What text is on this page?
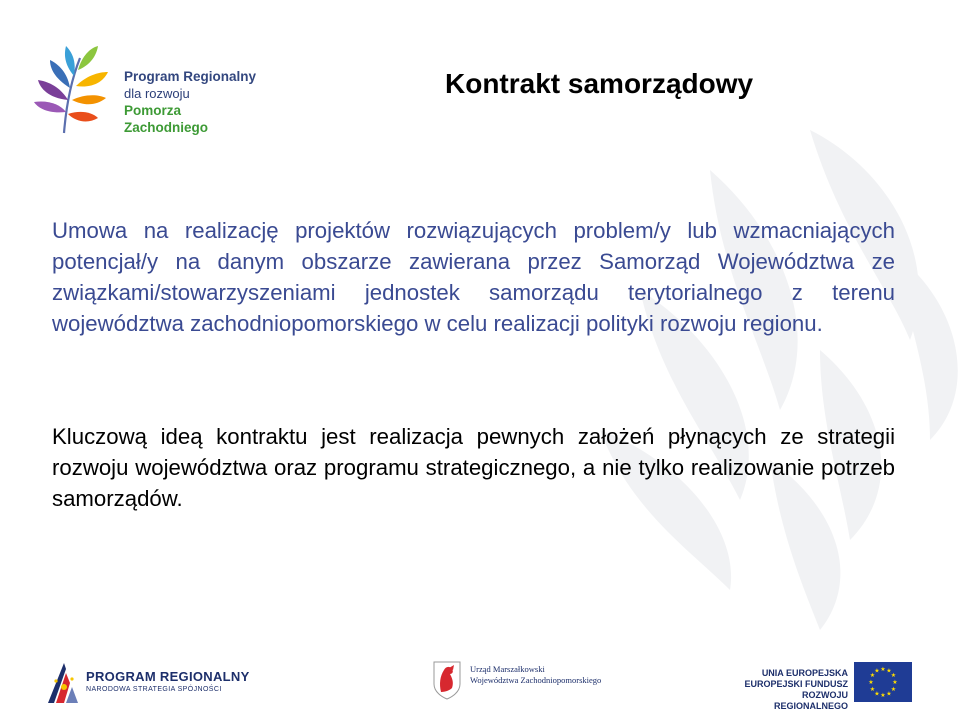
Program Regionalny
dla rozwoju
Pomorza Zachodniego
Kontrakt samorządowy

Umowa na realizację projektów rozwiązujących problem/y lub wzmacniających potencjał/y na danym obszarze zawierana przez Samorząd Województwa ze związkami/stowarzyszeniami jednostek samorządu terytorialnego z terenu województwa zachodniopomorskiego w celu realizacji polityki rozwoju regionu.

Kluczową ideą kontraktu jest realizacja pewnych założeń płynących ze strategii rozwoju województwa oraz programu strategicznego, a nie tylko realizowanie potrzeb samorządów.

PROGRAM REGIONALNY
NARODOWA STRATEGIA SPÓJNOŚCI
Urząd Marszałkowski
Województwa Zachodniopomorskiego
UNIA EUROPEJSKA
EUROPEJSKI FUNDUSZ
ROZWOJU REGIONALNEGO
★ ★
★
★
★
★
★
★
★
★
★
★
